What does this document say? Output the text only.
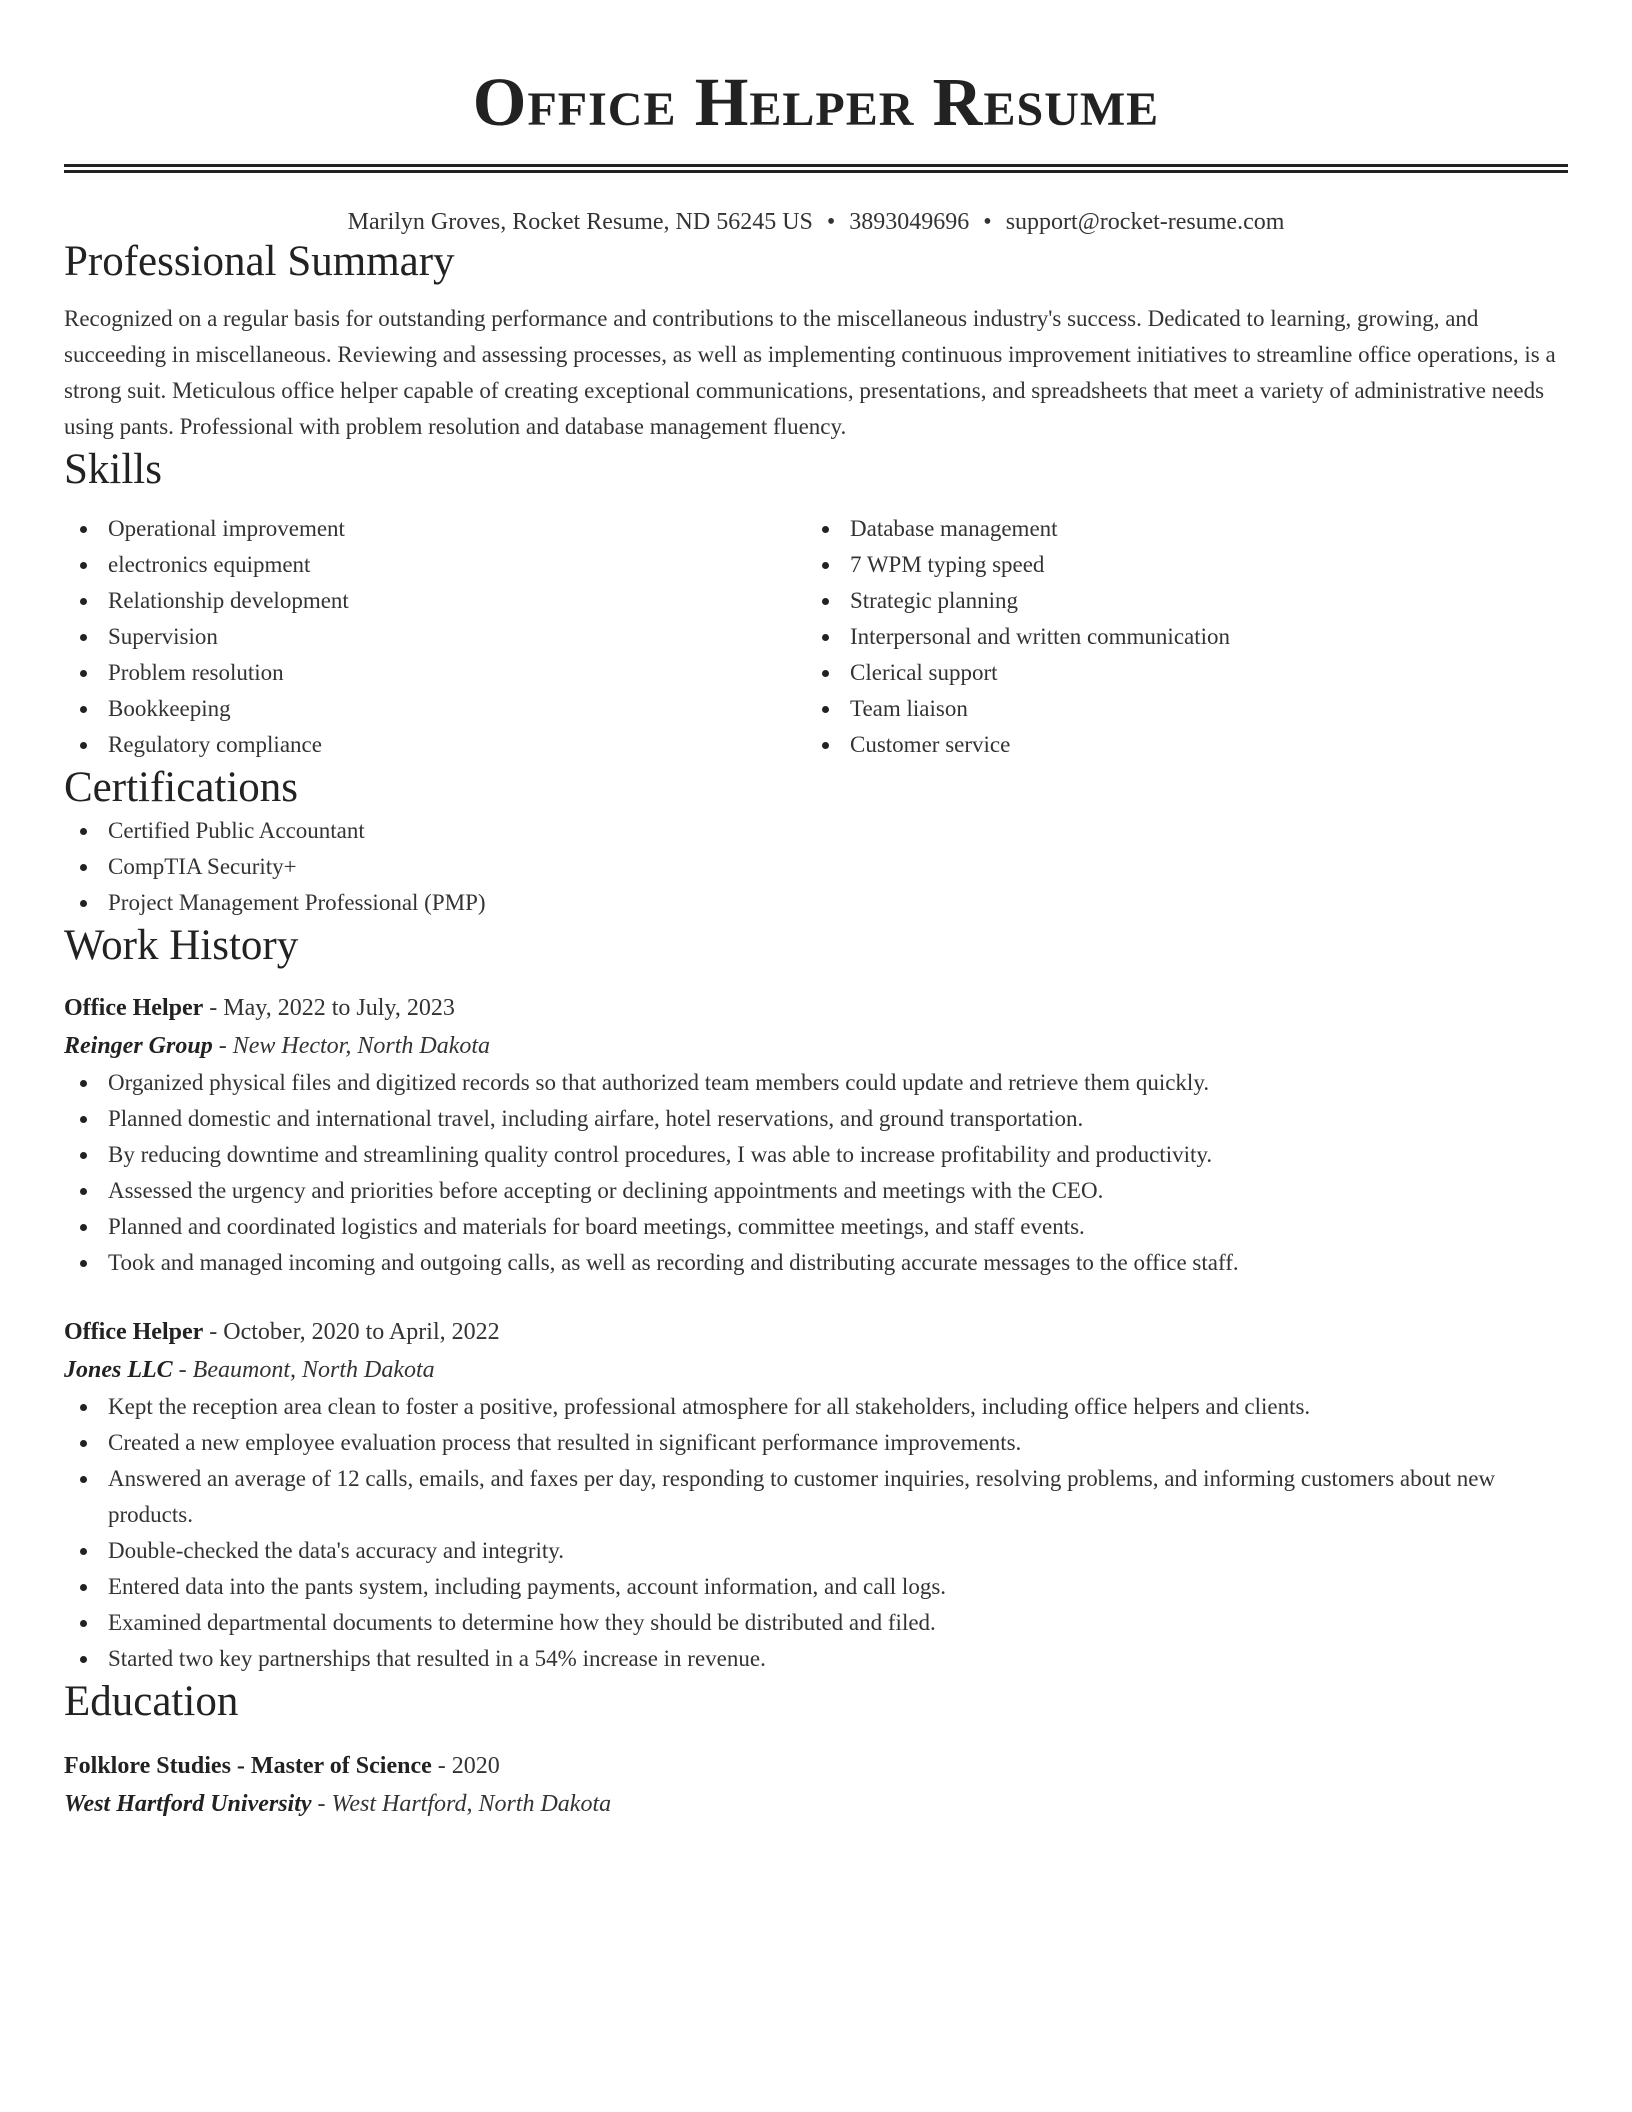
Office Helper Resume
Marilyn Groves, Rocket Resume, ND 56245 US • 3893049696 • support@rocket-resume.com
Professional Summary
Recognized on a regular basis for outstanding performance and contributions to the miscellaneous industry's success. Dedicated to learning, growing, and succeeding in miscellaneous. Reviewing and assessing processes, as well as implementing continuous improvement initiatives to streamline office operations, is a strong suit. Meticulous office helper capable of creating exceptional communications, presentations, and spreadsheets that meet a variety of administrative needs using pants. Professional with problem resolution and database management fluency.
Skills
Operational improvement
electronics equipment
Relationship development
Supervision
Problem resolution
Bookkeeping
Regulatory compliance
Database management
7 WPM typing speed
Strategic planning
Interpersonal and written communication
Clerical support
Team liaison
Customer service
Certifications
Certified Public Accountant
CompTIA Security+
Project Management Professional (PMP)
Work History
Office Helper - May, 2022 to July, 2023
Reinger Group - New Hector, North Dakota
Organized physical files and digitized records so that authorized team members could update and retrieve them quickly.
Planned domestic and international travel, including airfare, hotel reservations, and ground transportation.
By reducing downtime and streamlining quality control procedures, I was able to increase profitability and productivity.
Assessed the urgency and priorities before accepting or declining appointments and meetings with the CEO.
Planned and coordinated logistics and materials for board meetings, committee meetings, and staff events.
Took and managed incoming and outgoing calls, as well as recording and distributing accurate messages to the office staff.
Office Helper - October, 2020 to April, 2022
Jones LLC - Beaumont, North Dakota
Kept the reception area clean to foster a positive, professional atmosphere for all stakeholders, including office helpers and clients.
Created a new employee evaluation process that resulted in significant performance improvements.
Answered an average of 12 calls, emails, and faxes per day, responding to customer inquiries, resolving problems, and informing customers about new products.
Double-checked the data's accuracy and integrity.
Entered data into the pants system, including payments, account information, and call logs.
Examined departmental documents to determine how they should be distributed and filed.
Started two key partnerships that resulted in a 54% increase in revenue.
Education
Folklore Studies - Master of Science - 2020
West Hartford University - West Hartford, North Dakota
